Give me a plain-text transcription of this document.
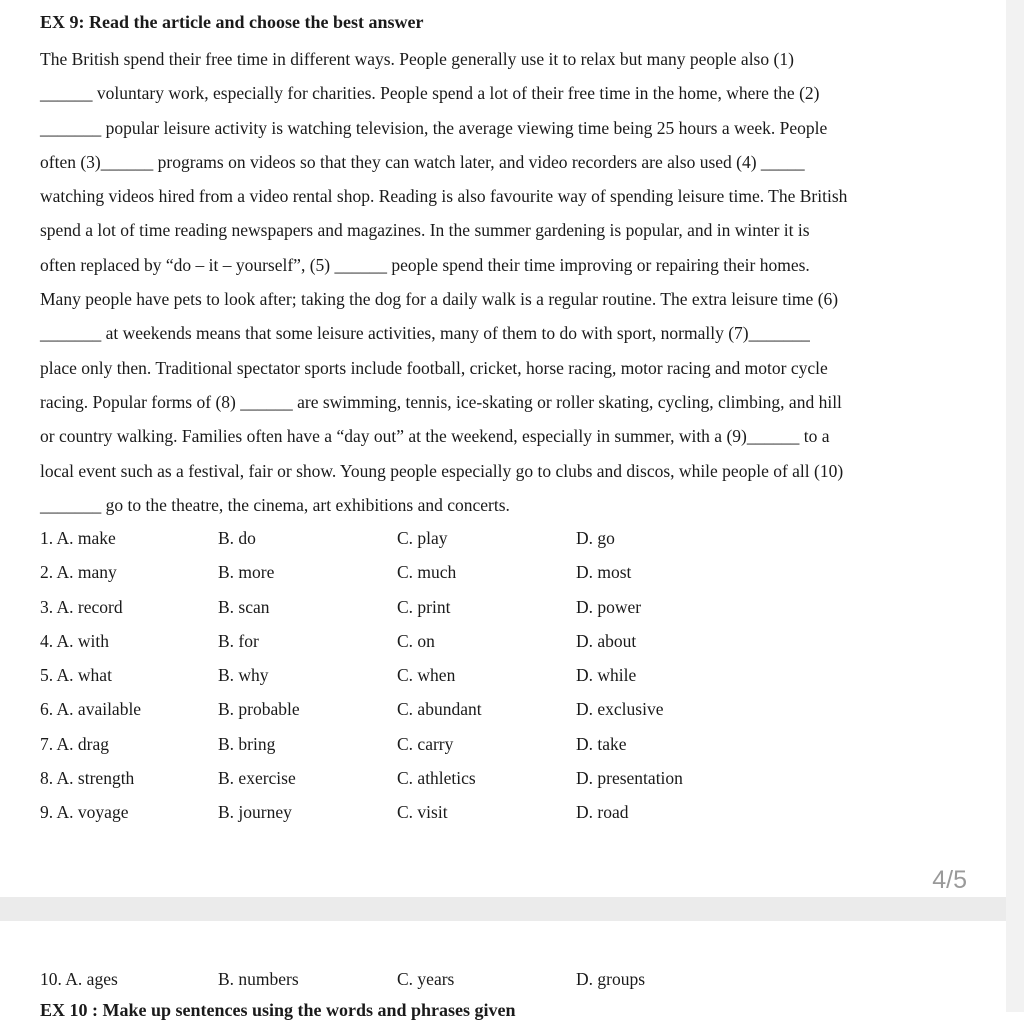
EX 9: Read the article and choose the best answer
The British spend their free time in different ways. People generally use it to relax but many people also (1)
______ voluntary work, especially for charities. People spend a lot of their free time in the home, where the (2)
_______ popular leisure activity is watching television, the average viewing time being 25 hours a week. People
often (3)______ programs on videos so that they can watch later, and video recorders are also used (4) _____
watching videos hired from a video rental shop. Reading is also favourite way of spending leisure time. The British
spend a lot of time reading newspapers and magazines. In the summer gardening is popular, and in winter it is
often replaced by “do – it – yourself”, (5) ______ people spend their time improving or repairing their homes.
Many people have pets to look after; taking the dog for a daily walk is a regular routine. The extra leisure time (6)
_______ at weekends means that some leisure activities, many of them to do with sport, normally (7)_______
place only then. Traditional spectator sports include football, cricket, horse racing, motor racing and motor cycle
racing. Popular forms of (8) ______ are swimming, tennis, ice-skating or roller skating, cycling, climbing, and hill
or country walking. Families often have a “day out” at the weekend, especially in summer, with a (9)______ to a
local event such as a festival, fair or show. Young people especially go to clubs and discos, while people of all (10)
_______ go to the theatre, the cinema, art exhibitions and concerts.
1. A. make	B. do	C. play	D. go
2. A. many	B. more	C. much	D. most
3. A. record	B. scan	C. print	D. power
4. A. with	B. for	C. on	D. about
5. A. what	B. why	C. when	D. while
6. A. available	B. probable	C. abundant	D. exclusive
7. A. drag	B. bring	C. carry	D. take
8. A. strength	B. exercise	C. athletics	D. presentation
9. A. voyage	B. journey	C. visit	D. road
4/5
10. A. ages	B. numbers	C. years	D. groups
EX 10 : Make up sentences using the words and phrases given
